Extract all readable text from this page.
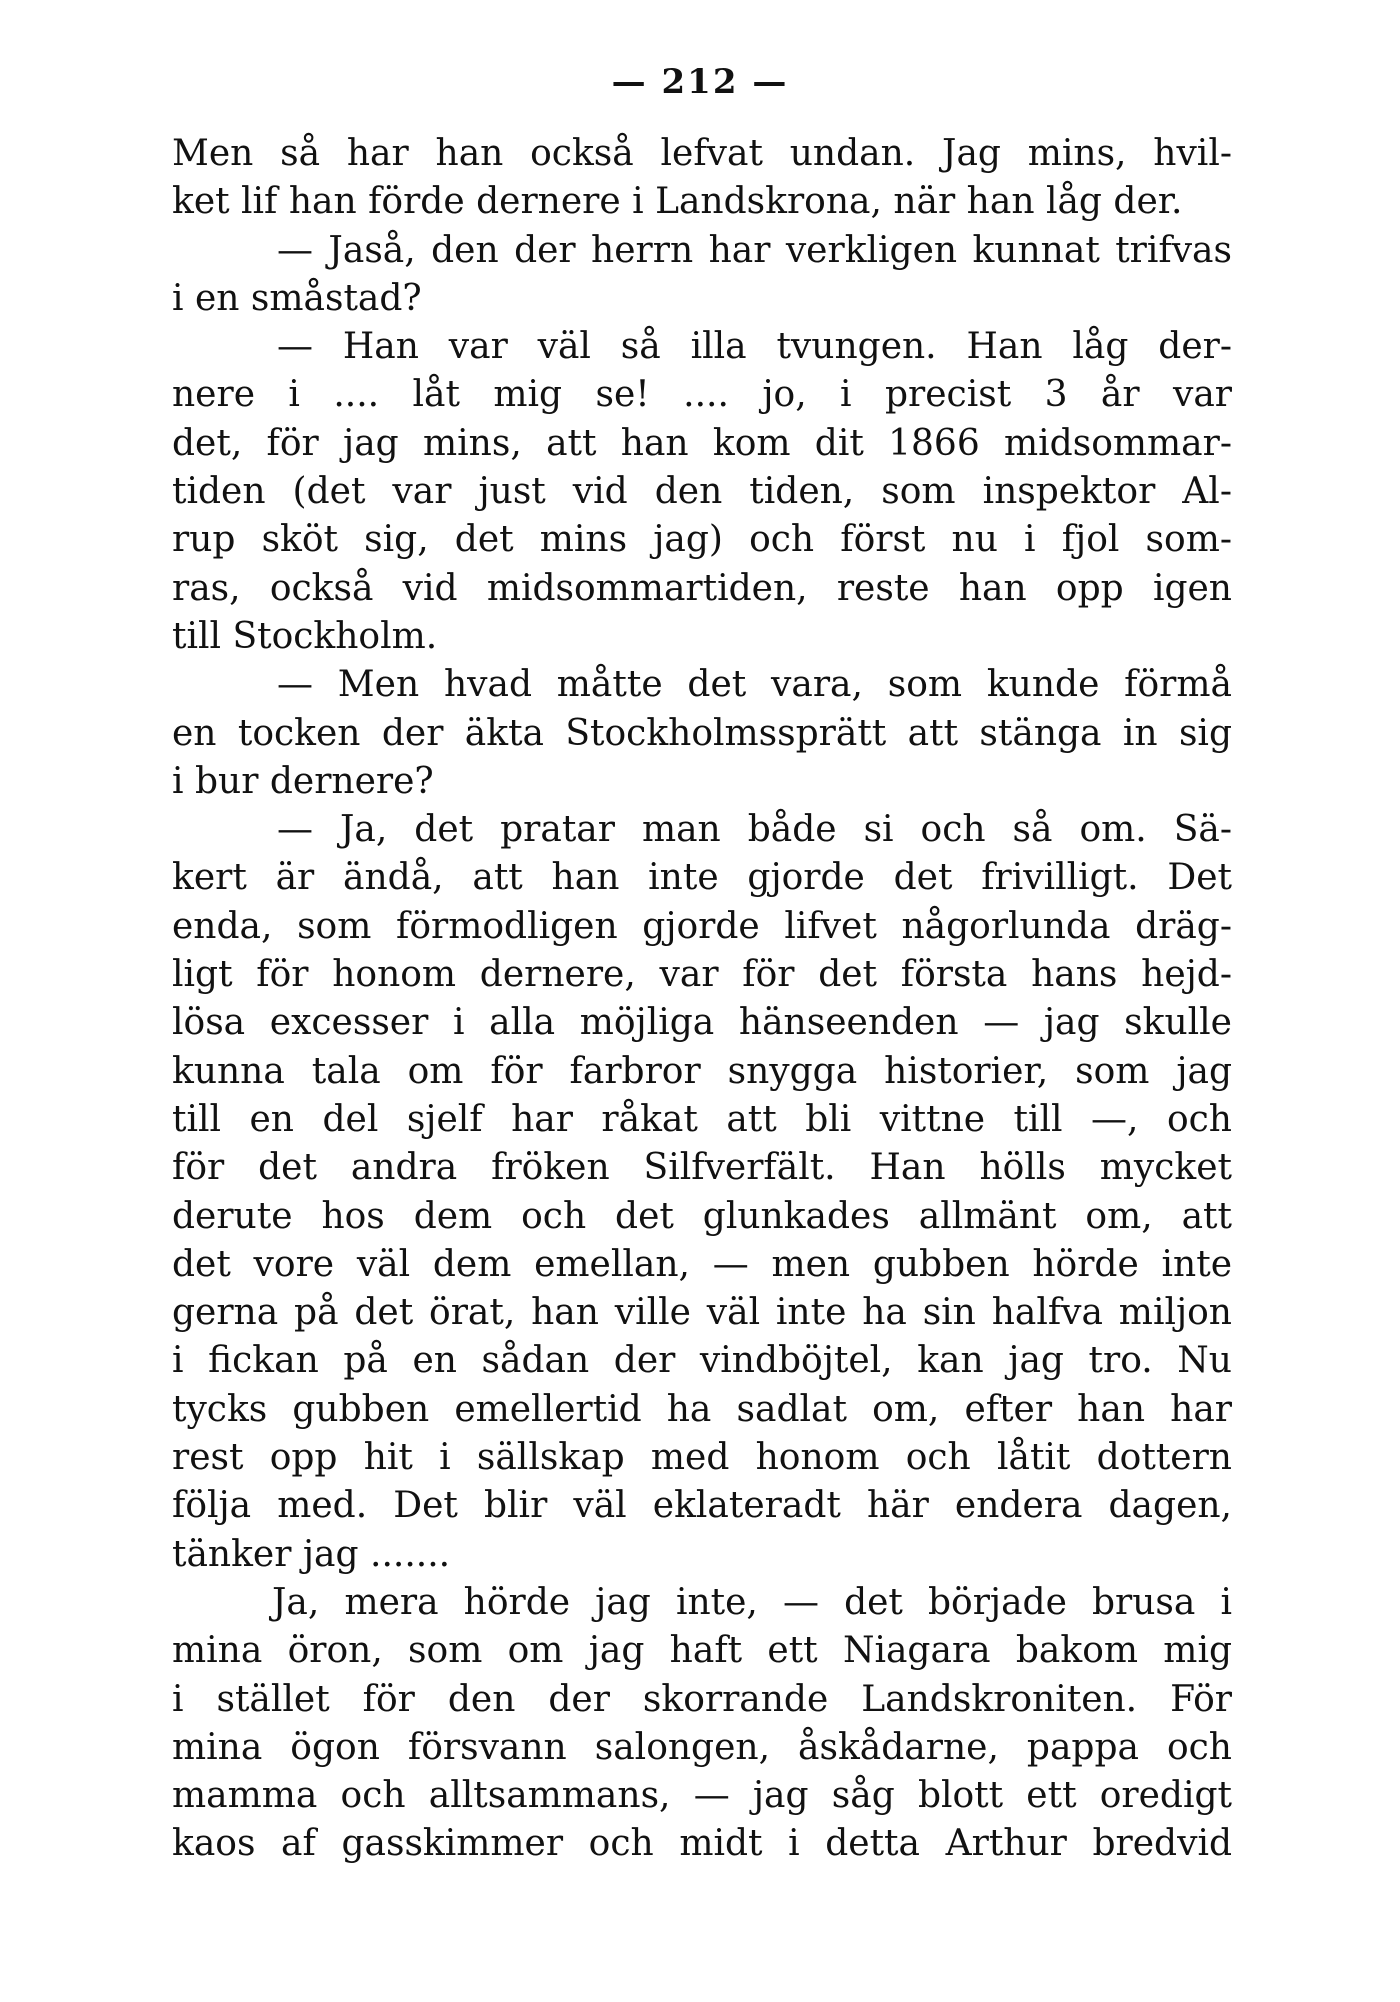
— 212 —
Men så har han också lefvat undan. Jag mins, hvil-
ket lif han förde dernere i Landskrona, när han låg der.
— Jaså, den der herrn har verkligen kunnat trifvas
i en småstad?
— Han var väl så illa tvungen. Han låg der-
nere i .... låt mig se! .... jo, i precist 3 år var
det, för jag mins, att han kom dit 1866 midsommar-
tiden (det var just vid den tiden, som inspektor Al-
rup sköt sig, det mins jag) och först nu i fjol som-
ras, också vid midsommartiden, reste han opp igen
till Stockholm.
— Men hvad måtte det vara, som kunde förmå
en tocken der äkta Stockholmssprätt att stänga in sig
i bur dernere?
— Ja, det pratar man både si och så om. Sä-
kert är ändå, att han inte gjorde det frivilligt. Det
enda, som förmodligen gjorde lifvet någorlunda dräg-
ligt för honom dernere, var för det första hans hejd-
lösa excesser i alla möjliga hänseenden — jag skulle
kunna tala om för farbror snygga historier, som jag
till en del sjelf har råkat att bli vittne till —, och
för det andra fröken Silfverfält. Han hölls mycket
derute hos dem och det glunkades allmänt om, att
det vore väl dem emellan, — men gubben hörde inte
gerna på det örat, han ville väl inte ha sin halfva miljon
i fickan på en sådan der vindböjtel, kan jag tro. Nu
tycks gubben emellertid ha sadlat om, efter han har
rest opp hit i sällskap med honom och låtit dottern
följa med. Det blir väl eklateradt här endera dagen,
tänker jag .......
Ja, mera hörde jag inte, — det började brusa i
mina öron, som om jag haft ett Niagara bakom mig
i stället för den der skorrande Landskroniten. För
mina ögon försvann salongen, åskådarne, pappa och
mamma och alltsammans, — jag såg blott ett oredigt
kaos af gasskimmer och midt i detta Arthur bredvid
